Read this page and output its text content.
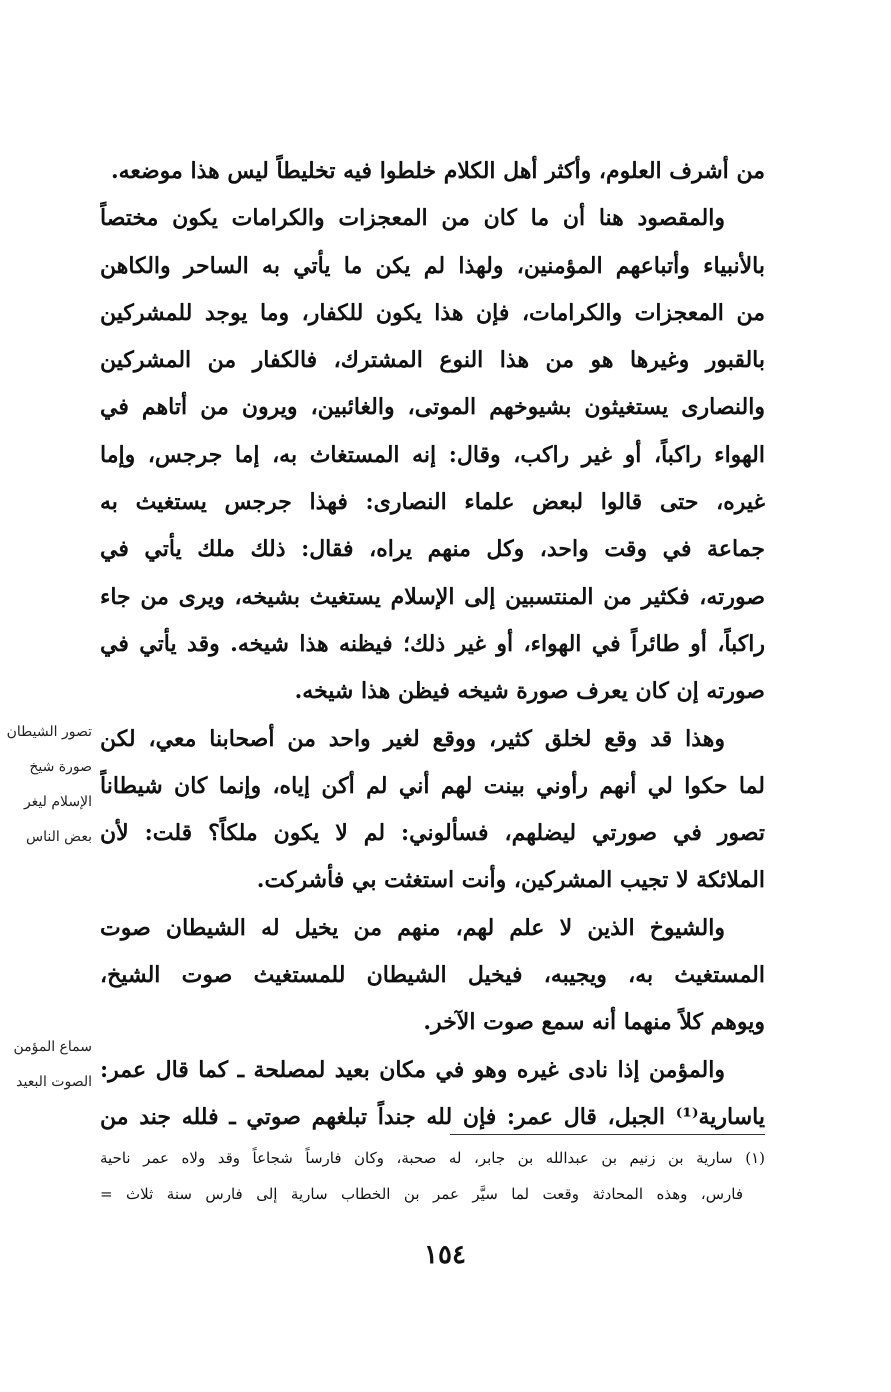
من أشرف العلوم، وأكثر أهل الكلام خلطوا فيه تخليطاً ليس هذا موضعه.
والمقصود هنا أن ما كان من المعجزات والكرامات يكون مختصاً
بالأنبياء وأتباعهم المؤمنين، ولهذا لم يكن ما يأتي به الساحر والكاهن
من المعجزات والكرامات، فإن هذا يكون للكفار، وما يوجد للمشركين
بالقبور وغيرها هو من هذا النوع المشترك، فالكفار من المشركين
والنصارى يستغيثون بشيوخهم الموتى، والغائبين، ويرون من أتاهم في
الهواء راكباً، أو غير راكب، وقال: إنه المستغاث به، إما جرجس، وإما
غيره، حتى قالوا لبعض علماء النصارى: فهذا جرجس يستغيث به
جماعة في وقت واحد، وكل منهم يراه، فقال: ذلك ملك يأتي في
صورته، فكثير من المنتسبين إلى الإسلام يستغيث بشيخه، ويرى من جاء
راكباً، أو طائراً في الهواء، أو غير ذلك؛ فيظنه هذا شيخه. وقد يأتي في
صورته إن كان يعرف صورة شيخه فيظن هذا شيخه.
وهذا قد وقع لخلق كثير، ووقع لغير واحد من أصحابنا معي، لكن
لما حكوا لي أنهم رأوني بينت لهم أني لم أكن إياه، وإنما كان شيطاناً
تصور في صورتي ليضلهم، فسألوني: لم لا يكون ملكاً؟ قلت: لأن
الملائكة لا تجيب المشركين، وأنت استغثت بي فأشركت.
والشيوخ الذين لا علم لهم، منهم من يخيل له الشيطان صوت
المستغيث به، ويجيبه، فيخيل الشيطان للمستغيث صوت الشيخ،
ويوهم كلاً منهما أنه سمع صوت الآخر.
والمؤمن إذا نادى غيره وهو في مكان بعيد لمصلحة ـ كما قال عمر:
ياسارية⁽¹⁾ الجبل، قال عمر: فإن لله جنداً تبلغهم صوتي ـ فلله جند من
تصور الشيطان
صورة شيخ
الإسلام ليغر
بعض الناس
سماع المؤمن
الصوت البعيد
(١) سارية بن زنيم بن عبدالله بن جابر، له صحبة، وكان فارساً شجاعاً وقد ولاه عمر ناحية
فارس، وهذه المحادثة وقعت لما سيَّر عمر بن الخطاب سارية إلى فارس سنة ثلاث =
١٥٤
